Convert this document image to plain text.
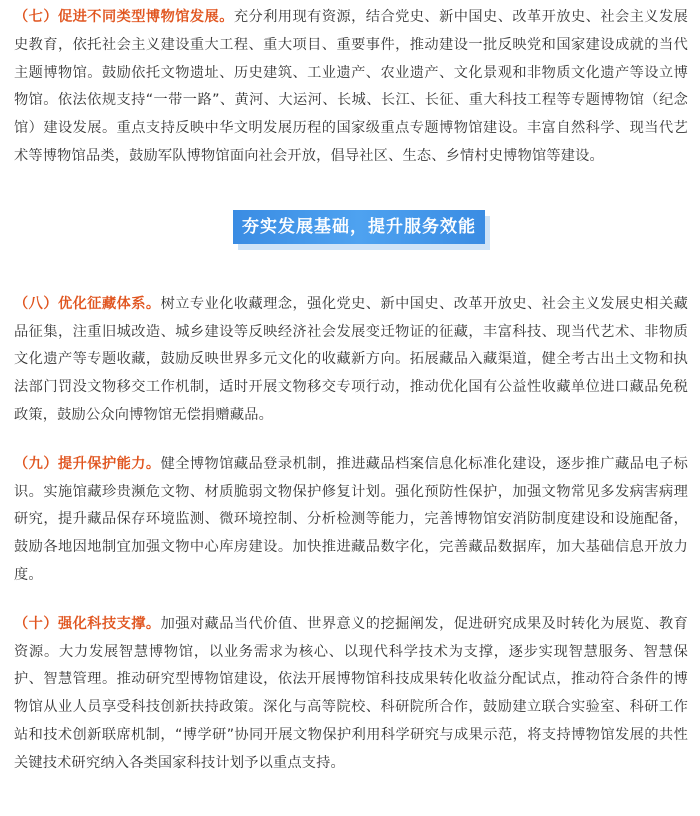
（七）促进不同类型博物馆发展。充分利用现有资源，结合党史、新中国史、改革开放史、社会主义发展史教育，依托社会主义建设重大工程、重大项目、重要事件，推动建设一批反映党和国家建设成就的当代主题博物馆。鼓励依托文物遗址、历史建筑、工业遗产、农业遗产、文化景观和非物质文化遗产等设立博物馆。依法依规支持“一带一路”、黄河、大运河、长城、长江、长征、重大科技工程等专题博物馆（纪念馆）建设发展。重点支持反映中华文明发展历程的国家级重点专题博物馆建设。丰富自然科学、现当代艺术等博物馆品类，鼓励军队博物馆面向社会开放，倡导社区、生态、乡情村史博物馆等建设。

夯实发展基础，提升服务效能

（八）优化征藏体系。树立专业化收藏理念，强化党史、新中国史、改革开放史、社会主义发展史相关藏品征集，注重旧城改造、城乡建设等反映经济社会发展变迁物证的征藏，丰富科技、现当代艺术、非物质文化遗产等专题收藏，鼓励反映世界多元文化的收藏新方向。拓展藏品入藏渠道，健全考古出土文物和执法部门罚没文物移交工作机制，适时开展文物移交专项行动，推动优化国有公益性收藏单位进口藏品免税政策，鼓励公众向博物馆无偿捐赠藏品。

（九）提升保护能力。健全博物馆藏品登录机制，推进藏品档案信息化标准化建设，逐步推广藏品电子标识。实施馆藏珍贵濒危文物、材质脆弱文物保护修复计划。强化预防性保护，加强文物常见多发病害病理研究，提升藏品保存环境监测、微环境控制、分析检测等能力，完善博物馆安消防制度建设和设施配备，鼓励各地因地制宜加强文物中心库房建设。加快推进藏品数字化，完善藏品数据库，加大基础信息开放力度。

（十）强化科技支撑。加强对藏品当代价值、世界意义的挖掘阐发，促进研究成果及时转化为展览、教育资源。大力发展智慧博物馆，以业务需求为核心、以现代科学技术为支撑，逐步实现智慧服务、智慧保护、智慧管理。推动研究型博物馆建设，依法开展博物馆科技成果转化收益分配试点，推动符合条件的博物馆从业人员享受科技创新扶持政策。深化与高等院校、科研院所合作，鼓励建立联合实验室、科研工作站和技术创新联席机制，“博学研”协同开展文物保护利用科学研究与成果示范，将支持博物馆发展的共性关键技术研究纳入各类国家科技计划予以重点支持。
